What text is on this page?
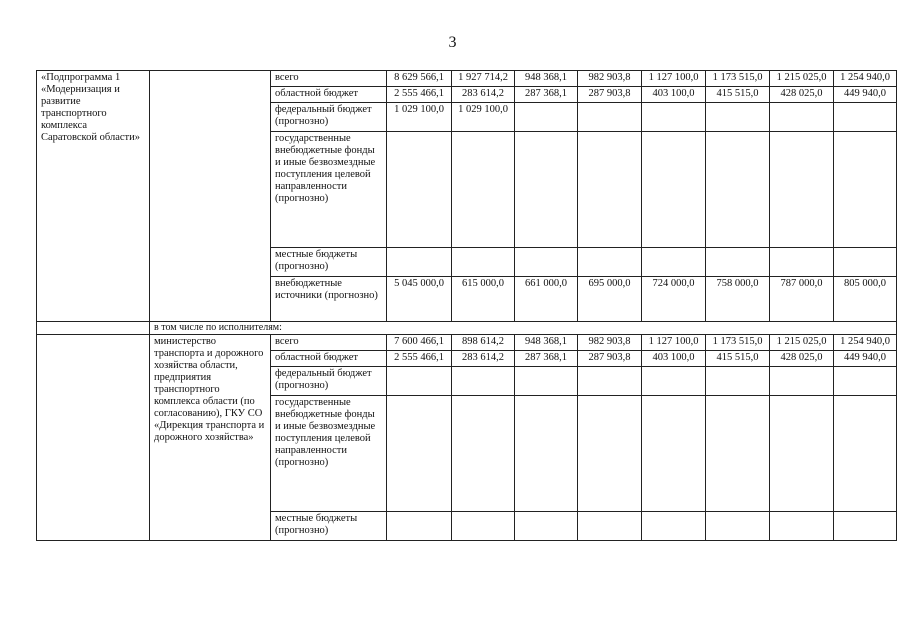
3
«Подпрограмма 1 «Модернизация и развитие транспортного комплекса Саратовской области»		всего	8 629 566,1	1 927 714,2	948 368,1	982 903,8	1 127 100,0	1 173 515,0	1 215 025,0	1 254 940,0
		областной бюджет	2 555 466,1	283 614,2	287 368,1	287 903,8	403 100,0	415 515,0	428 025,0	449 940,0
		федеральный бюджет (прогнозно)	1 029 100,0	1 029 100,0						
		государственные внебюджетные фонды и иные безвозмездные поступления целевой направленности (прогнозно)								
		местные бюджеты (прогнозно)								
		внебюджетные источники (прогнозно)	5 045 000,0	615 000,0	661 000,0	695 000,0	724 000,0	758 000,0	787 000,0	805 000,0
	в том числе по исполнителям:									
	министерство транспорта и дорожного хозяйства области, предприятия транспортного комплекса области (по согласованию), ГКУ СО «Дирекция транспорта и дорожного хозяйства»	всего	7 600 466,1	898 614,2	948 368,1	982 903,8	1 127 100,0	1 173 515,0	1 215 025,0	1 254 940,0
		областной бюджет	2 555 466,1	283 614,2	287 368,1	287 903,8	403 100,0	415 515,0	428 025,0	449 940,0
		федеральный бюджет (прогнозно)								
		государственные внебюджетные фонды и иные безвозмездные поступления целевой направленности (прогнозно)								
		местные бюджеты (прогнозно)								
